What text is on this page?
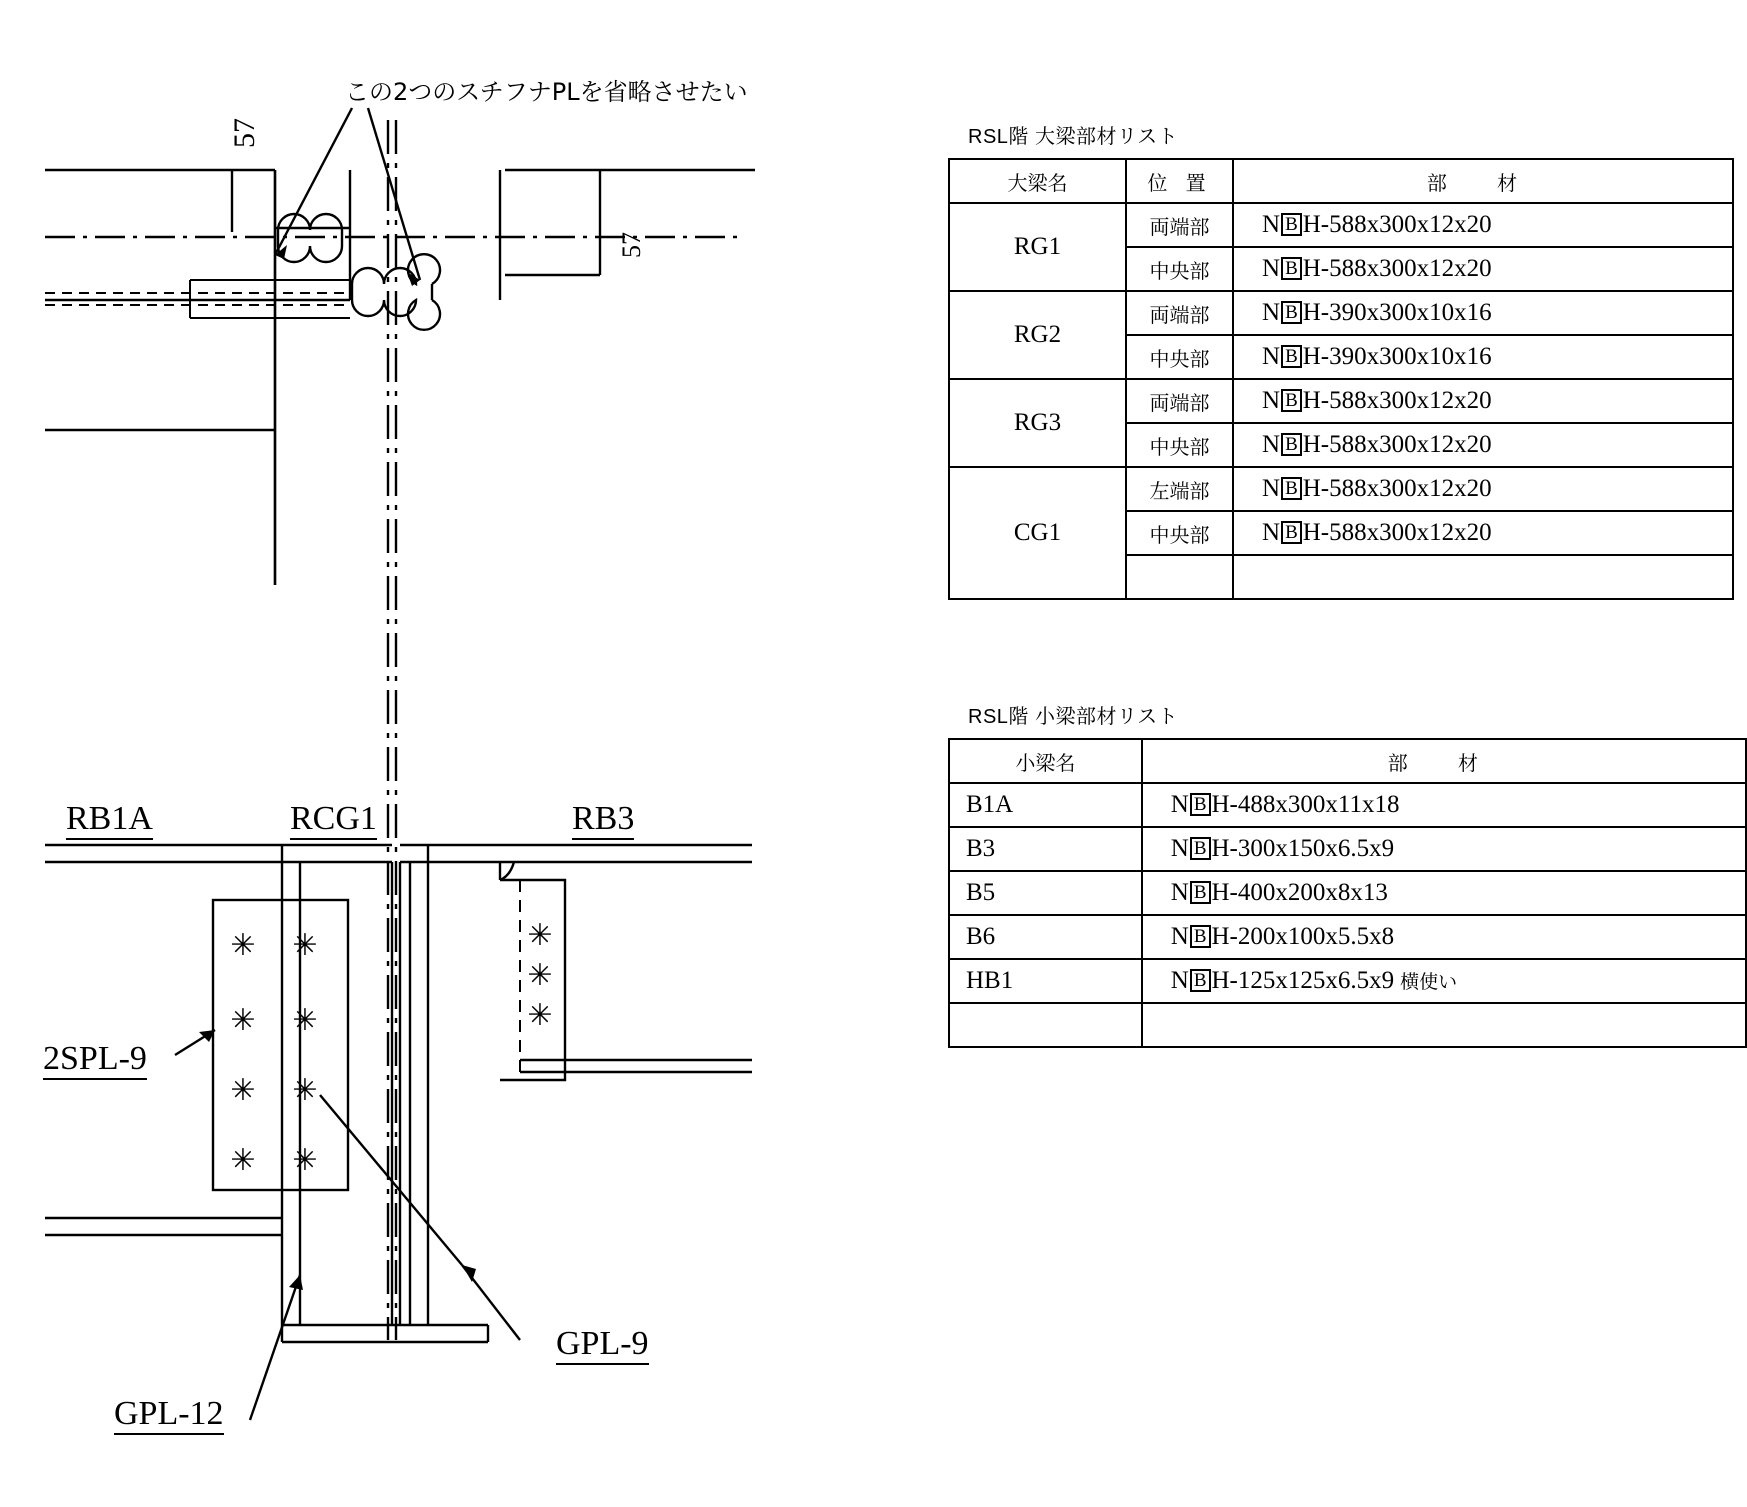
✳ ✳
✳ ✳
✳ ✳
✳ ✳
✳
✳
✳
この2つのスチフナPLを省略させたい
57
57
RB1A	RCG1	RB3
2SPL-9
GPL-12
GPL-9
RSL階 大梁部材リスト
大梁名	位 置	部 材
RG1	両端部	N B H-588x300x12x20
	中央部	N B H-588x300x12x20
RG2	両端部	N B H-390x300x10x16
	中央部	N B H-390x300x10x16
RG3	両端部	N B H-588x300x12x20
	中央部	N B H-588x300x12x20
CG1	左端部	N B H-588x300x12x20
	中央部	N B H-588x300x12x20

RSL階 小梁部材リスト
小梁名	部 材
B1A	N B H-488x300x11x18
B3	N B H-300x150x6.5x9
B5	N B H-400x200x8x13
B6	N B H-200x100x5.5x8
HB1	N B H-125x125x6.5x9 横使い
